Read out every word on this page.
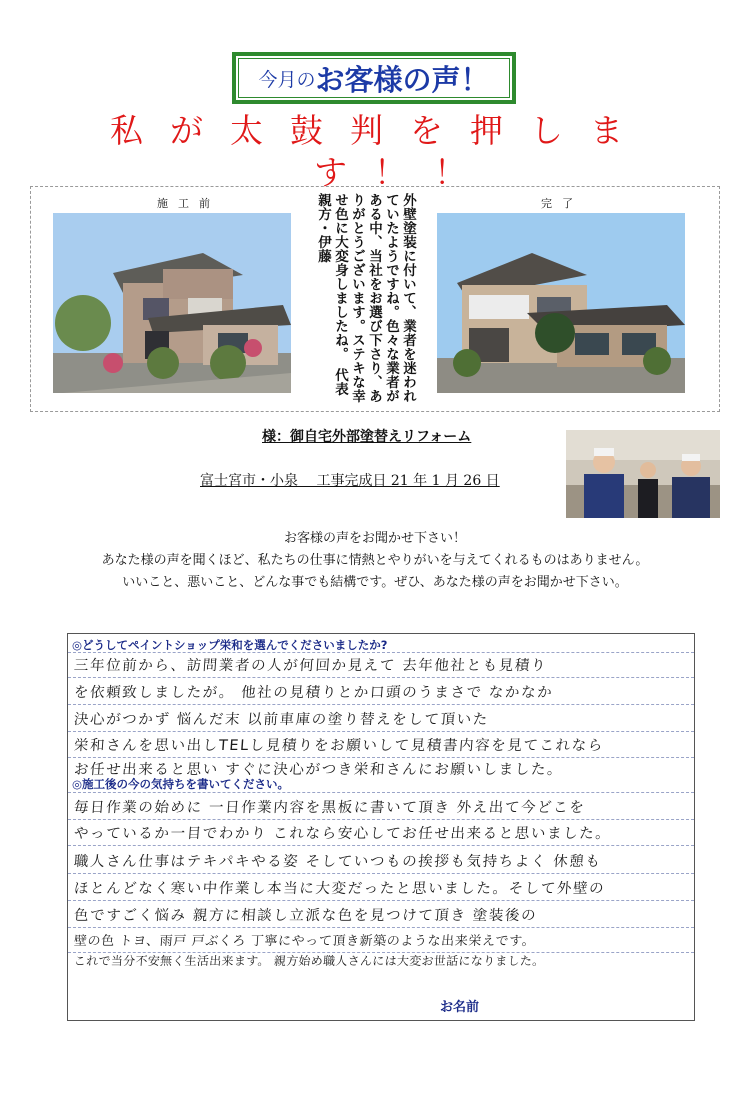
今月の お客様の声！
私が太鼓判を押しま
す！！
施工前	完了
外壁塗装に付いて、業者を迷われていたようですね。色々な業者がある中、当社をお選び下さり、ありがとうございます。ステキな幸せ色に大変身しましたね。　代表親方・伊藤
様：御自宅外部塗替えリフォーム
富士宮市・小泉　 工事完成日 21 年 1 月 26 日
お客様の声をお聞かせ下さい！
あなた様の声を聞くほど、私たちの仕事に情熱とやりがいを与えてくれるものはありません。
いいこと、悪いこと、どんな事でも結構です。ぜひ、あなた様の声をお聞かせ下さい。
◎どうしてペイントショップ栄和を選んでくださいましたか?
三年位前から、訪問業者の人が何回か見えて 去年他社とも見積り
を依頼致しましたが。 他社の見積りとか口頭のうまさで なかなか
決心がつかず 悩んだ末 以前車庫の塗り替えをして頂いた
栄和さんを思い出しTELし見積りをお願いして見積書内容を見てこれなら
お任せ出来ると思い すぐに決心がつき栄和さんにお願いしました。
◎施工後の今の気持ちを書いてください。
毎日作業の始めに 一日作業内容を黒板に書いて頂き 外え出て今どこを
やっているか一目でわかり これなら安心してお任せ出来ると思いました。
職人さん仕事はテキパキやる姿 そしていつもの挨拶も気持ちよく 休憩も
ほとんどなく寒い中作業し本当に大変だったと思いました。そして外壁の
色ですごく悩み 親方に相談し立派な色を見つけて頂き 塗装後の
壁の色 トヨ、雨戸 戸ぶくろ 丁寧にやって頂き新築のような出来栄えです。
これで当分不安無く生活出来ます。 親方始め職人さんには大変お世話になりました。
お名前
